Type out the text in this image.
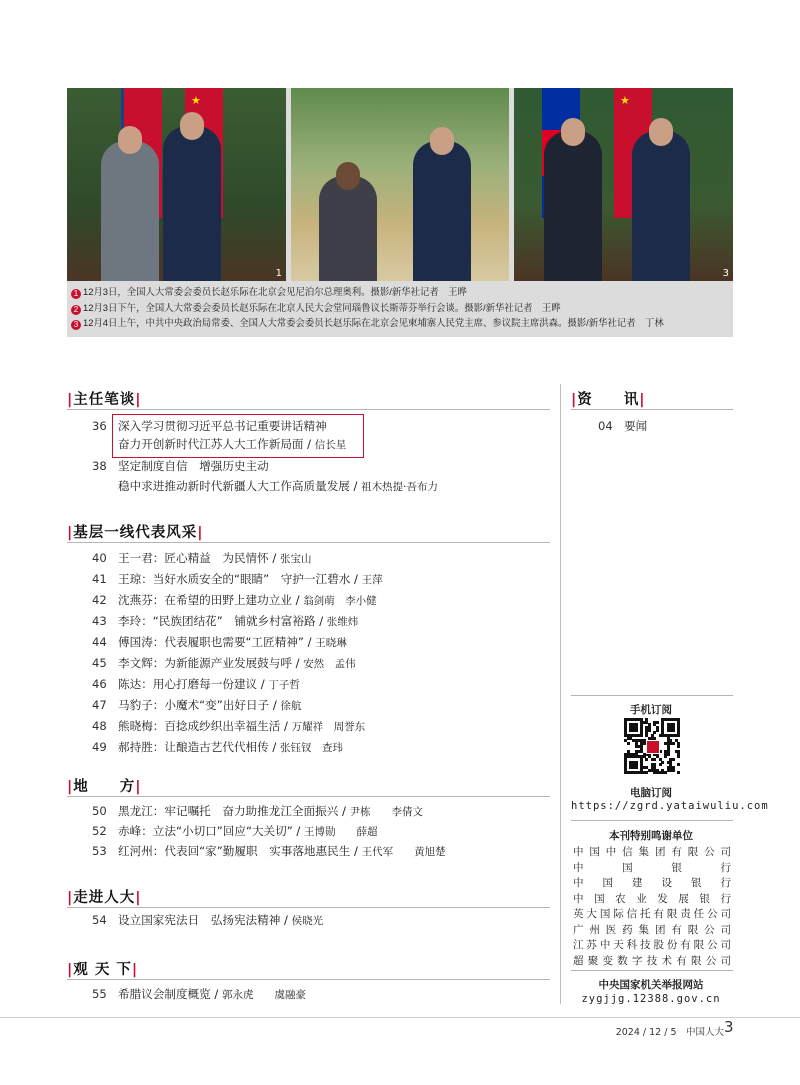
★
1
★
3
1 12月3日，全国人大常委会委员长赵乐际在北京会见尼泊尔总理奥利。摄影/新华社记者　王晔
2 12月3日下午，全国人大常委会委员长赵乐际在北京人民大会堂同瑙鲁议长斯蒂芬举行会谈。摄影/新华社记者　王晔
3 12月4日上午，中共中央政治局常委、全国人大常委会委员长赵乐际在北京会见柬埔寨人民党主席、参议院主席洪森。摄影/新华社记者　丁林
|主任笔谈|
36 深入学习贯彻习近平总书记重要讲话精神
奋力开创新时代江苏人大工作新局面 / 信长星
38 坚定制度自信　增强历史主动
稳中求进推动新时代新疆人大工作高质量发展 / 祖木热提·吾布力
|基层一线代表风采|
40 王一君：匠心精益　为民情怀 / 张宝山
41 王琼：当好水质安全的“眼睛”　守护一江碧水 / 王萍
42 沈燕芬：在希望的田野上建功立业 / 翁剑萌　李小健
43 李玲：“民族团结花”　铺就乡村富裕路 / 张维炜
44 傅国涛：代表履职也需要“工匠精神” / 王晓琳
45 李文辉：为新能源产业发展鼓与呼 / 安然　孟伟
46 陈达：用心打磨每一份建议 / 丁子哲
47 马豹子：小魔术“变”出好日子 / 徐航
48 熊晓梅：百捻成纱织出幸福生活 / 万耀祥　周誉东
49 郝持胜：让酿造古艺代代相传 / 张钰钗　查玮
|地　　方|
50 黑龙江：牢记嘱托　奋力助推龙江全面振兴 / 尹栋　　李倩文
52 赤峰：立法“小切口”回应“大关切” / 王博勋　　薛超
53 红河州：代表回“家”勤履职　实事落地惠民生 / 王代军　　黄旭楚
|走进人大|
54 设立国家宪法日　弘扬宪法精神 / 侯晓光
|观 天 下|
55 希腊议会制度概览 / 郭永虎　　虞融豪
|资　　讯|
04 要闻
手机订阅
电脑订阅
https://zgrd.yataiwuliu.com
本刊特别鸣谢单位
中国中信集团有限公司
中国银行
中国建设银行
中国农业发展银行
英大国际信托有限责任公司
广州医药集团有限公司
江苏中天科技股份有限公司
超聚变数字技术有限公司
中央国家机关举报网站
zygjjg.12388.gov.cn
2024 / 12 / 5　中国人大 3
